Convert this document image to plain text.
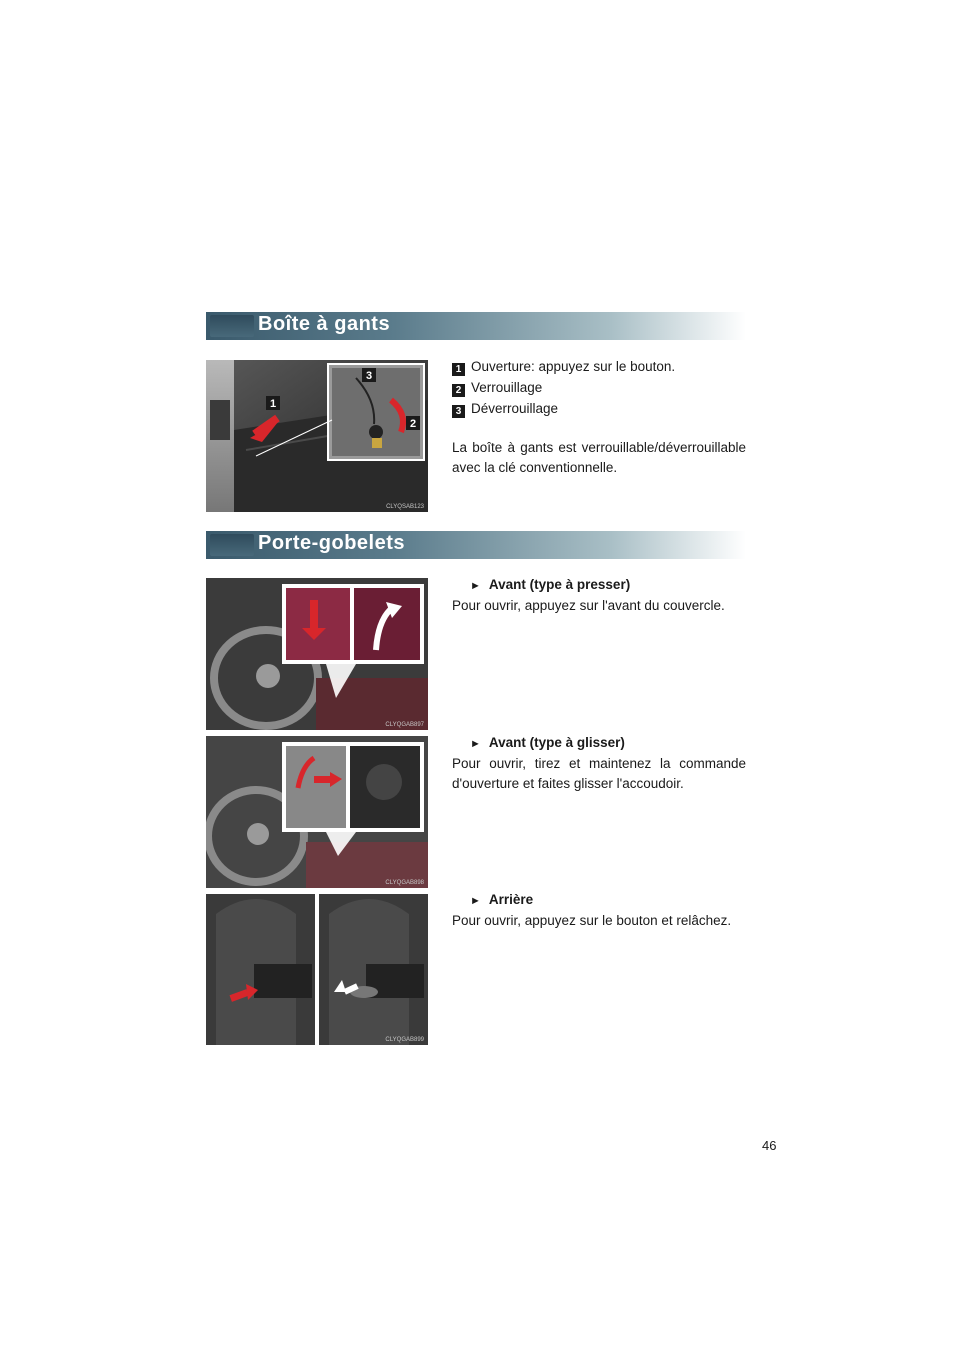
Boîte à gants
1
2
3
CLYQSAB123
1 Ouverture: appuyez sur le bouton.
2 Verrouillage
3 Déverrouillage
La boîte à gants est verrouillable/déverrouillable avec la clé conventionnelle.
Porte-gobelets
CLYQGAB897
CLYQGAB898
CLYQGAB899
► Avant (type à presser)
Pour ouvrir, appuyez sur l'avant du couvercle.
► Avant (type à glisser)
Pour ouvrir, tirez et maintenez la commande d'ouverture et faites glisser l'accoudoir.
► Arrière
Pour ouvrir, appuyez sur le bouton et relâchez.
46
